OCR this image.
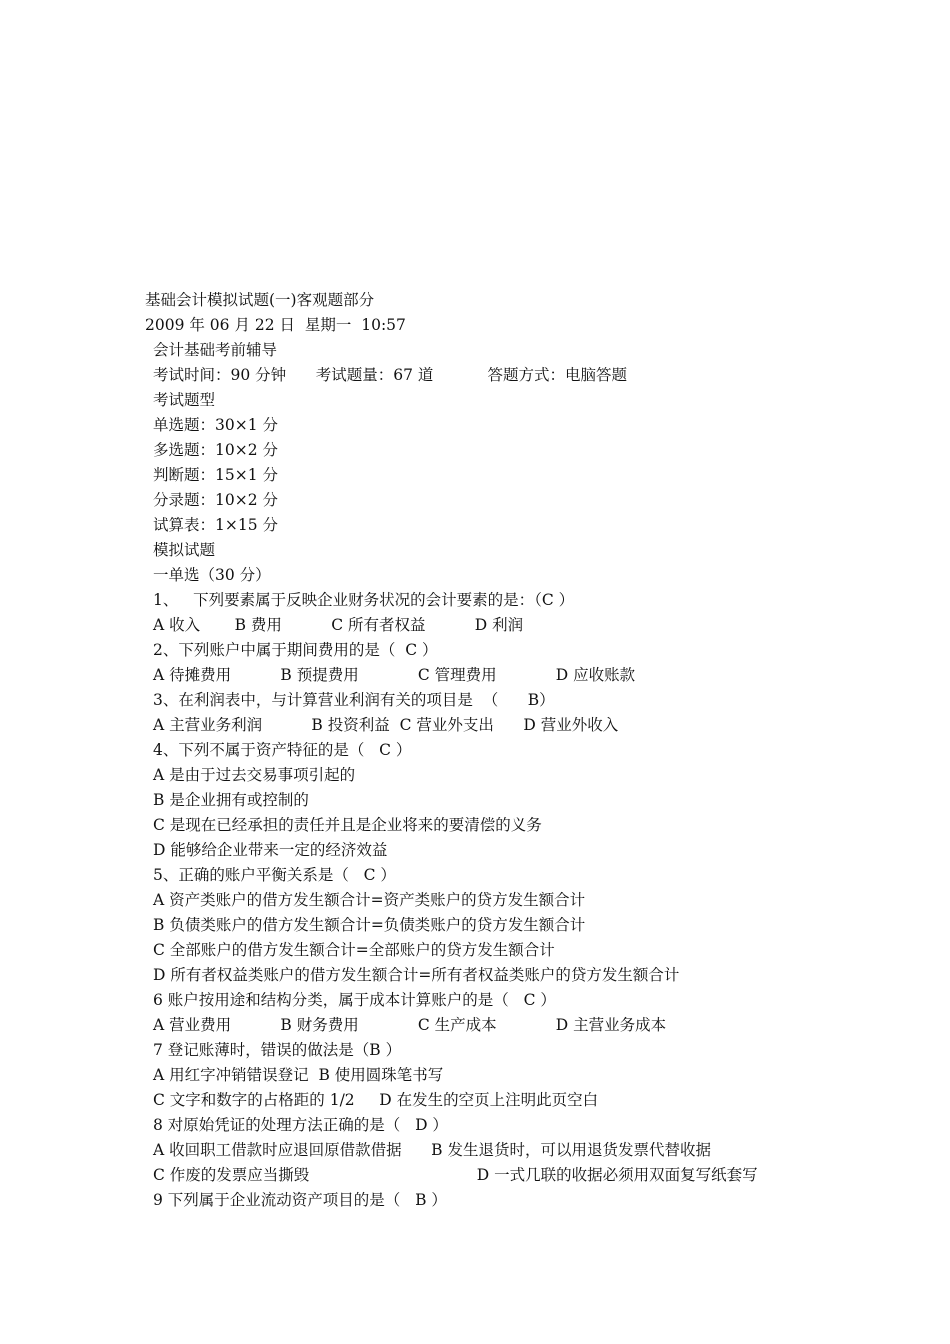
基础会计模拟试题(一)客观题部分
2009 年 06 月 22 日  星期一  10:57
会计基础考前辅导
考试时间：90 分钟      考试题量：67 道           答题方式：电脑答题
考试题型
单选题：30×1 分
多选题：10×2 分
判断题：15×1 分
分录题：10×2 分
试算表：1×15 分
模拟试题
一单选（30 分）
1、   下列要素属于反映企业财务状况的会计要素的是：（C ）
A 收入       B 费用          C 所有者权益          D 利润
2、下列账户中属于期间费用的是（  C ）
A 待摊费用          B 预提费用            C 管理费用            D 应收账款
3、在利润表中，与计算营业利润有关的项目是  （      B）
A 主营业务利润          B 投资利益  C 营业外支出      D 营业外收入
4、下列不属于资产特征的是（   C ）
A 是由于过去交易事项引起的
B 是企业拥有或控制的
C 是现在已经承担的责任并且是企业将来的要清偿的义务
D 能够给企业带来一定的经济效益
5、正确的账户平衡关系是（   C ）
A 资产类账户的借方发生额合计=资产类账户的贷方发生额合计
B 负债类账户的借方发生额合计=负债类账户的贷方发生额合计
C 全部账户的借方发生额合计=全部账户的贷方发生额合计
D 所有者权益类账户的借方发生额合计=所有者权益类账户的贷方发生额合计
6 账户按用途和结构分类，属于成本计算账户的是（   C ）
A 营业费用          B 财务费用            C 生产成本            D 主营业务成本
7 登记账薄时，错误的做法是（B ）
A 用红字冲销错误登记  B 使用圆珠笔书写
C 文字和数字的占格距的 1/2     D 在发生的空页上注明此页空白
8 对原始凭证的处理方法正确的是（   D ）
A 收回职工借款时应退回原借款借据      B 发生退货时，可以用退货发票代替收据
C 作废的发票应当撕毁                                  D 一式几联的收据必须用双面复写纸套写
9 下列属于企业流动资产项目的是（   B ）
